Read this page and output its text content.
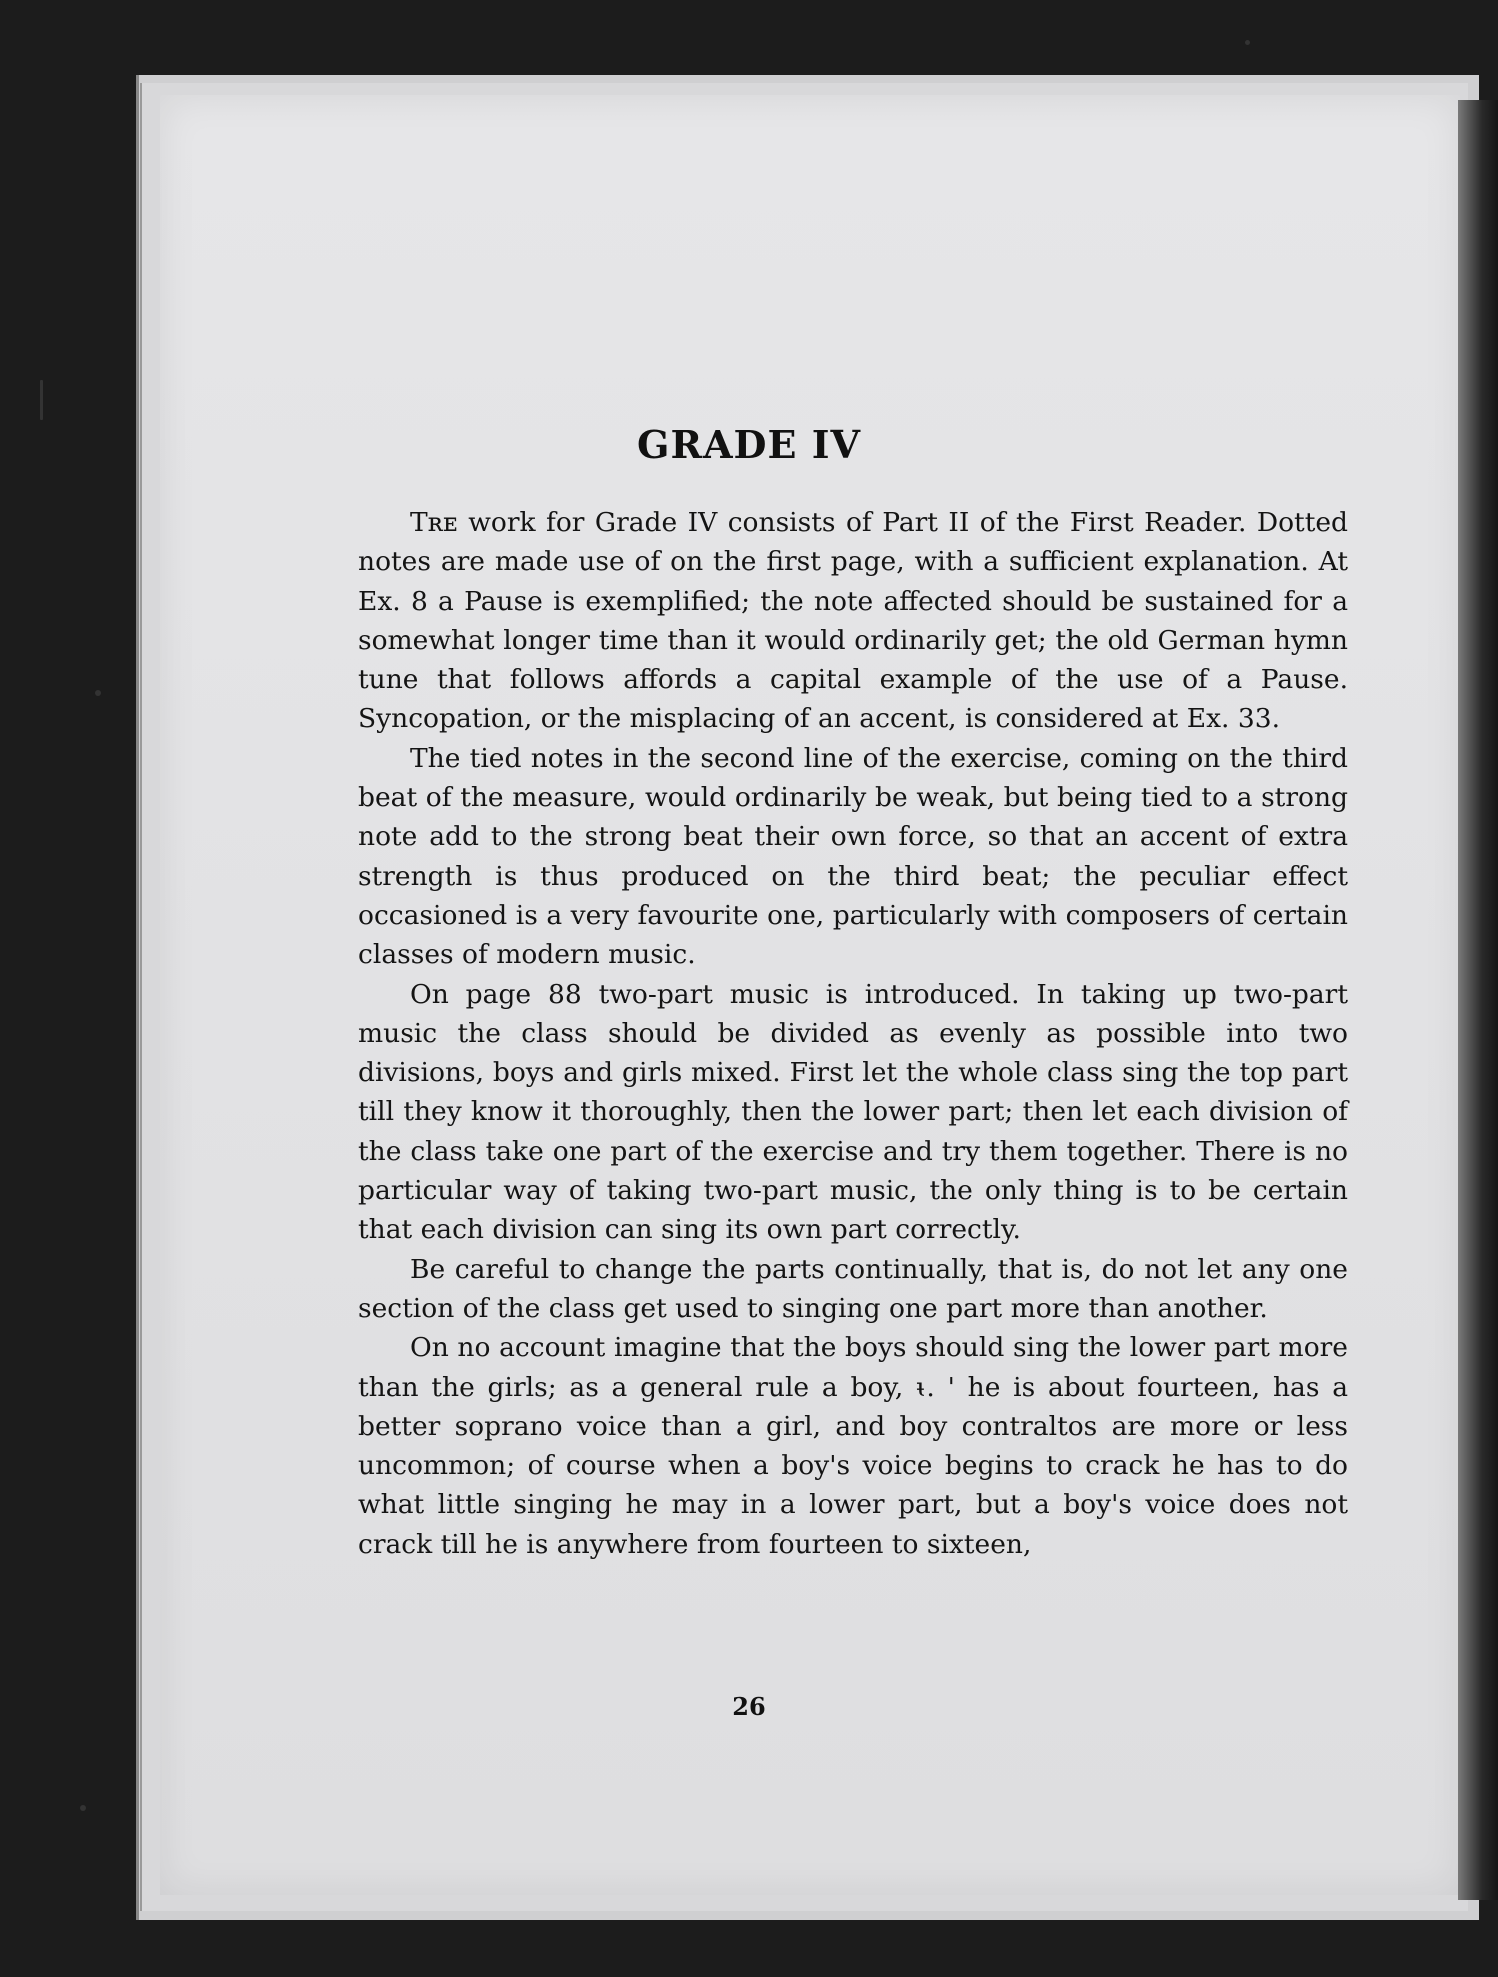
GRADE IV

Tʀᴇ work for Grade IV consists of Part II of the First Reader. Dotted notes are made use of on the first page, with a sufficient explanation. At Ex. 8 a Pause is exemplified; the note affected should be sustained for a somewhat longer time than it would ordinarily get; the old German hymn tune that follows affords a capital example of the use of a Pause. Syncopation, or the misplacing of an accent, is considered at Ex. 33.

The tied notes in the second line of the exercise, coming on the third beat of the measure, would ordinarily be weak, but being tied to a strong note add to the strong beat their own force, so that an accent of extra strength is thus produced on the third beat; the peculiar effect occasioned is a very favourite one, particularly with composers of certain classes of modern music.

On page 88 two-part music is introduced. In taking up two-part music the class should be divided as evenly as possible into two divisions, boys and girls mixed. First let the whole class sing the top part till they know it thoroughly, then the lower part; then let each division of the class take one part of the exercise and try them together. There is no particular way of taking two-part music, the only thing is to be certain that each division can sing its own part correctly.

Be careful to change the parts continually, that is, do not let any one section of the class get used to singing one part more than another.

On no account imagine that the boys should sing the lower part more than the girls; as a general rule a boy, ᵼ. ' he is about fourteen, has a better soprano voice than a girl, and boy contraltos are more or less uncommon; of course when a boy's voice begins to crack he has to do what little singing he may in a lower part, but a boy's voice does not crack till he is anywhere from fourteen to sixteen,

26
